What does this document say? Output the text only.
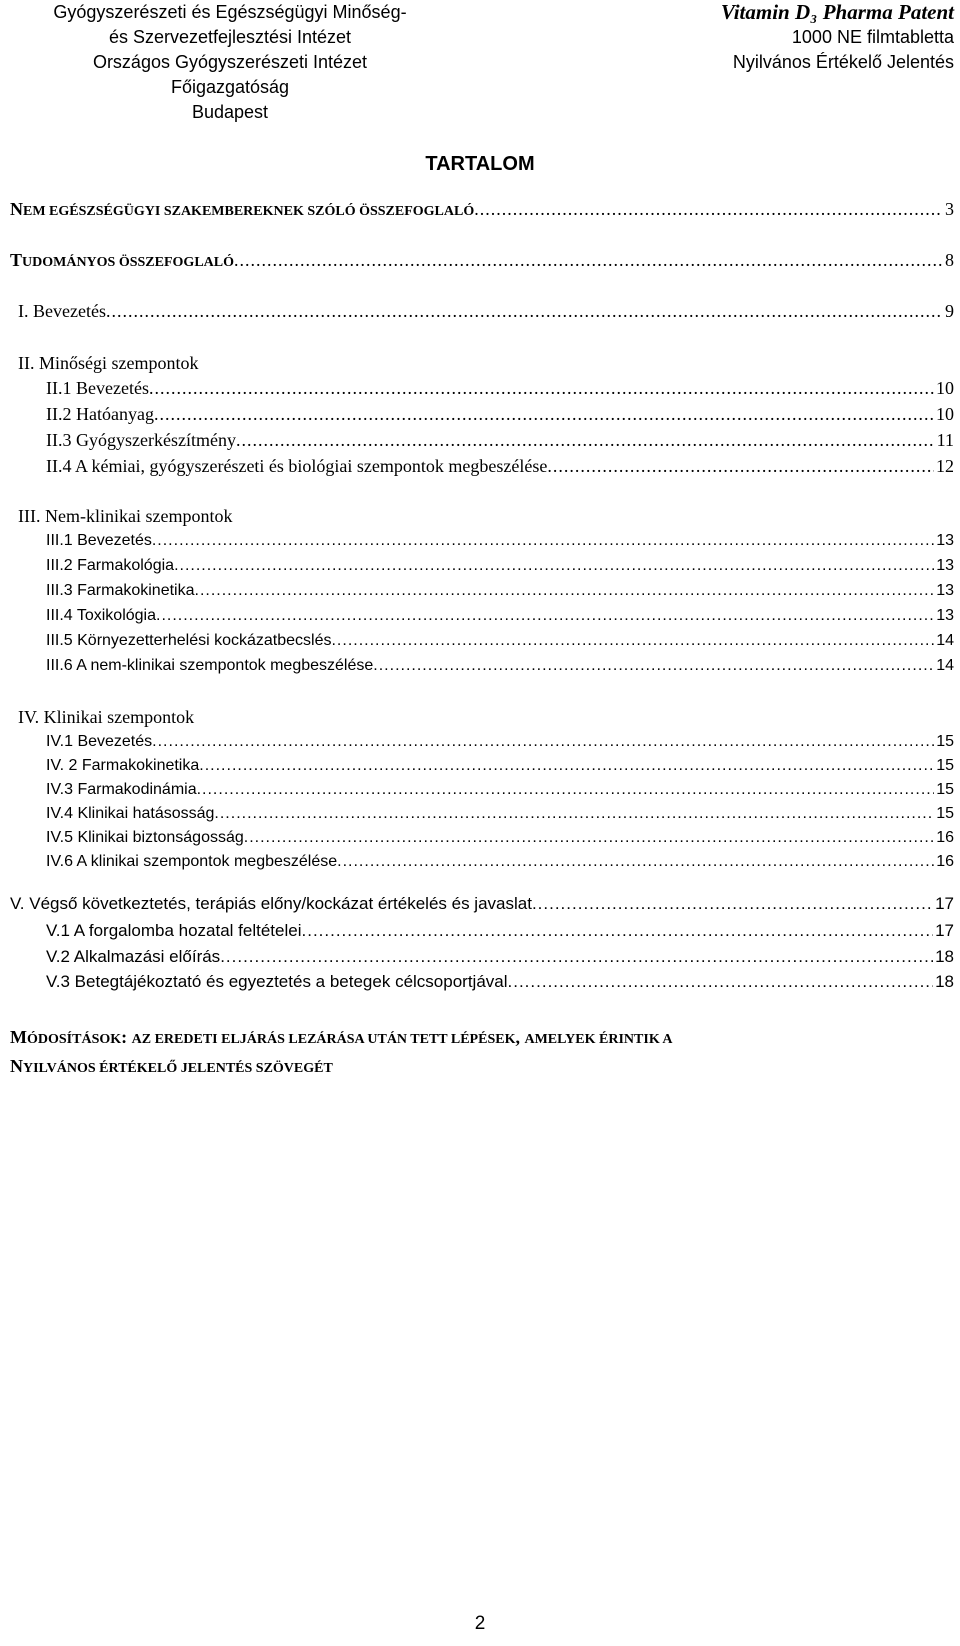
Gyógyszerészeti és Egészségügyi Minőség-
és Szervezetfejlesztési Intézet
Országos Gyógyszerészeti Intézet
Főigazgatóság
Budapest
Vitamin D₃ Pharma Patent
1000 NE filmtabletta
Nyilvános Értékelő Jelentés
TARTALOM
NEM EGÉSZSÉGÜGYI SZAKEMBEREKNEK SZÓLÓ ÖSSZEFOGLALÓ .....	3
TUDOMÁNYOS ÖSSZEFOGLALÓ .....	8
I. Bevezetés .....	9
II. Minőségi szempontok
II.1 Bevezetés .....	10
II.2 Hatóanyag .....	10
II.3 Gyógyszerkészítmény .....	11
II.4 A kémiai, gyógyszerészeti és biológiai szempontok megbeszélése .....	12
III. Nem-klinikai szempontok
III.1 Bevezetés .....	13
III.2 Farmakológia .....	13
III.3 Farmakokinetika .....	13
III.4 Toxikológia .....	13
III.5 Környezetterhelési kockázatbecslés .....	14
III.6 A nem-klinikai szempontok megbeszélése .....	14
IV. Klinikai szempontok
IV.1 Bevezetés .....	15
IV. 2 Farmakokinetika .....	15
IV.3 Farmakodinámia .....	15
IV.4 Klinikai hatásosság .....	15
IV.5 Klinikai biztonságosság .....	16
IV.6 A klinikai szempontok megbeszélése .....	16
V. Végső következtetés, terápiás előny/kockázat értékelés és javaslat .....	17
V.1 A forgalomba hozatal feltételei .....	17
V.2 Alkalmazási előírás .....	18
V.3 Betegtájékoztató és egyeztetés a betegek célcsoportjával .....	18
MÓDOSÍTÁSOK: AZ EREDETI ELJÁRÁS LEZÁRÁSA UTÁN TETT LÉPÉSEK, AMELYEK ÉRINTIK A
NYILVÁNOS ÉRTÉKELŐ JELENTÉS SZÖVEGÉT
2
